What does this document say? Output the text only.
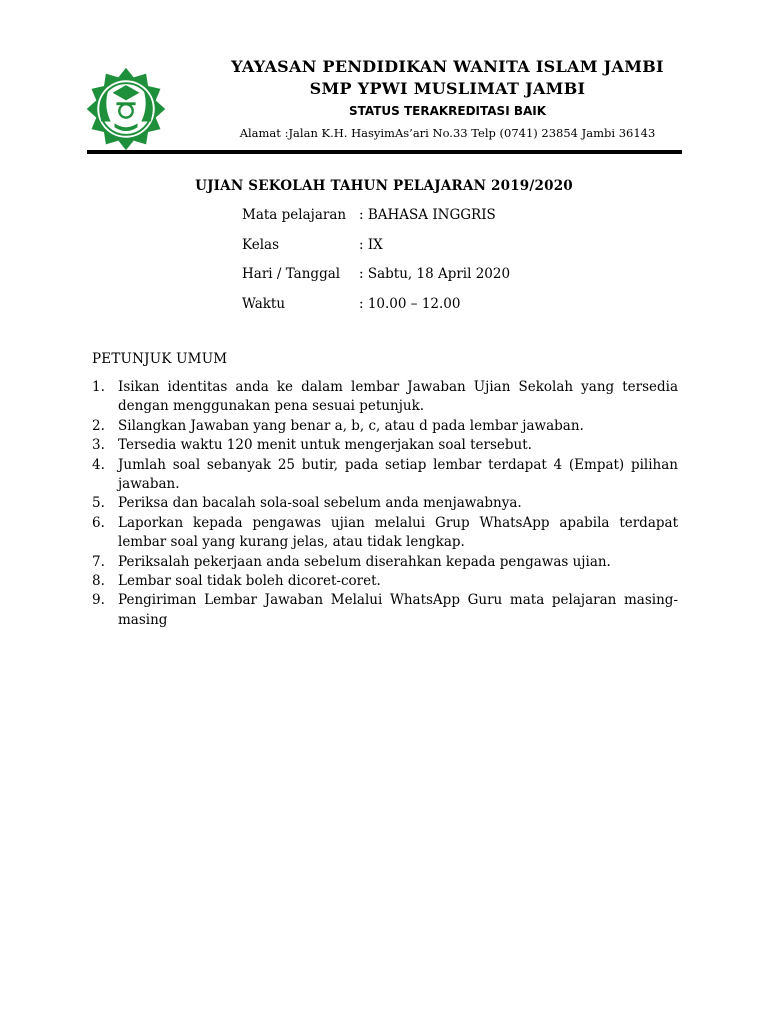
YAYASAN PENDIDIKAN WANITA ISLAM JAMBI
SMP YPWI MUSLIMAT JAMBI
STATUS TERAKREDITASI BAIK
Alamat :Jalan K.H. HasyimAs’ari No.33 Telp (0741) 23854 Jambi 36143
UJIAN SEKOLAH TAHUN PELAJARAN 2019/2020
Mata pelajaran : BAHASA INGGRIS
Kelas	: IX
Hari / Tanggal	: Sabtu, 18 April 2020
Waktu	: 10.00 – 12.00
PETUNJUK UMUM
1. Isikan identitas anda ke dalam lembar Jawaban Ujian Sekolah yang tersedia dengan menggunakan pena sesuai petunjuk.
2. Silangkan Jawaban yang benar a, b, c, atau d pada lembar jawaban.
3. Tersedia waktu 120 menit untuk mengerjakan soal tersebut.
4. Jumlah soal sebanyak 25 butir, pada setiap lembar terdapat 4 (Empat) pilihan jawaban.
5. Periksa dan bacalah sola-soal sebelum anda menjawabnya.
6. Laporkan kepada pengawas ujian melalui Grup WhatsApp apabila terdapat lembar soal yang kurang jelas, atau tidak lengkap.
7. Periksalah pekerjaan anda sebelum diserahkan kepada pengawas ujian.
8. Lembar soal tidak boleh dicoret-coret.
9. Pengiriman Lembar Jawaban Melalui WhatsApp Guru mata pelajaran masing-masing
